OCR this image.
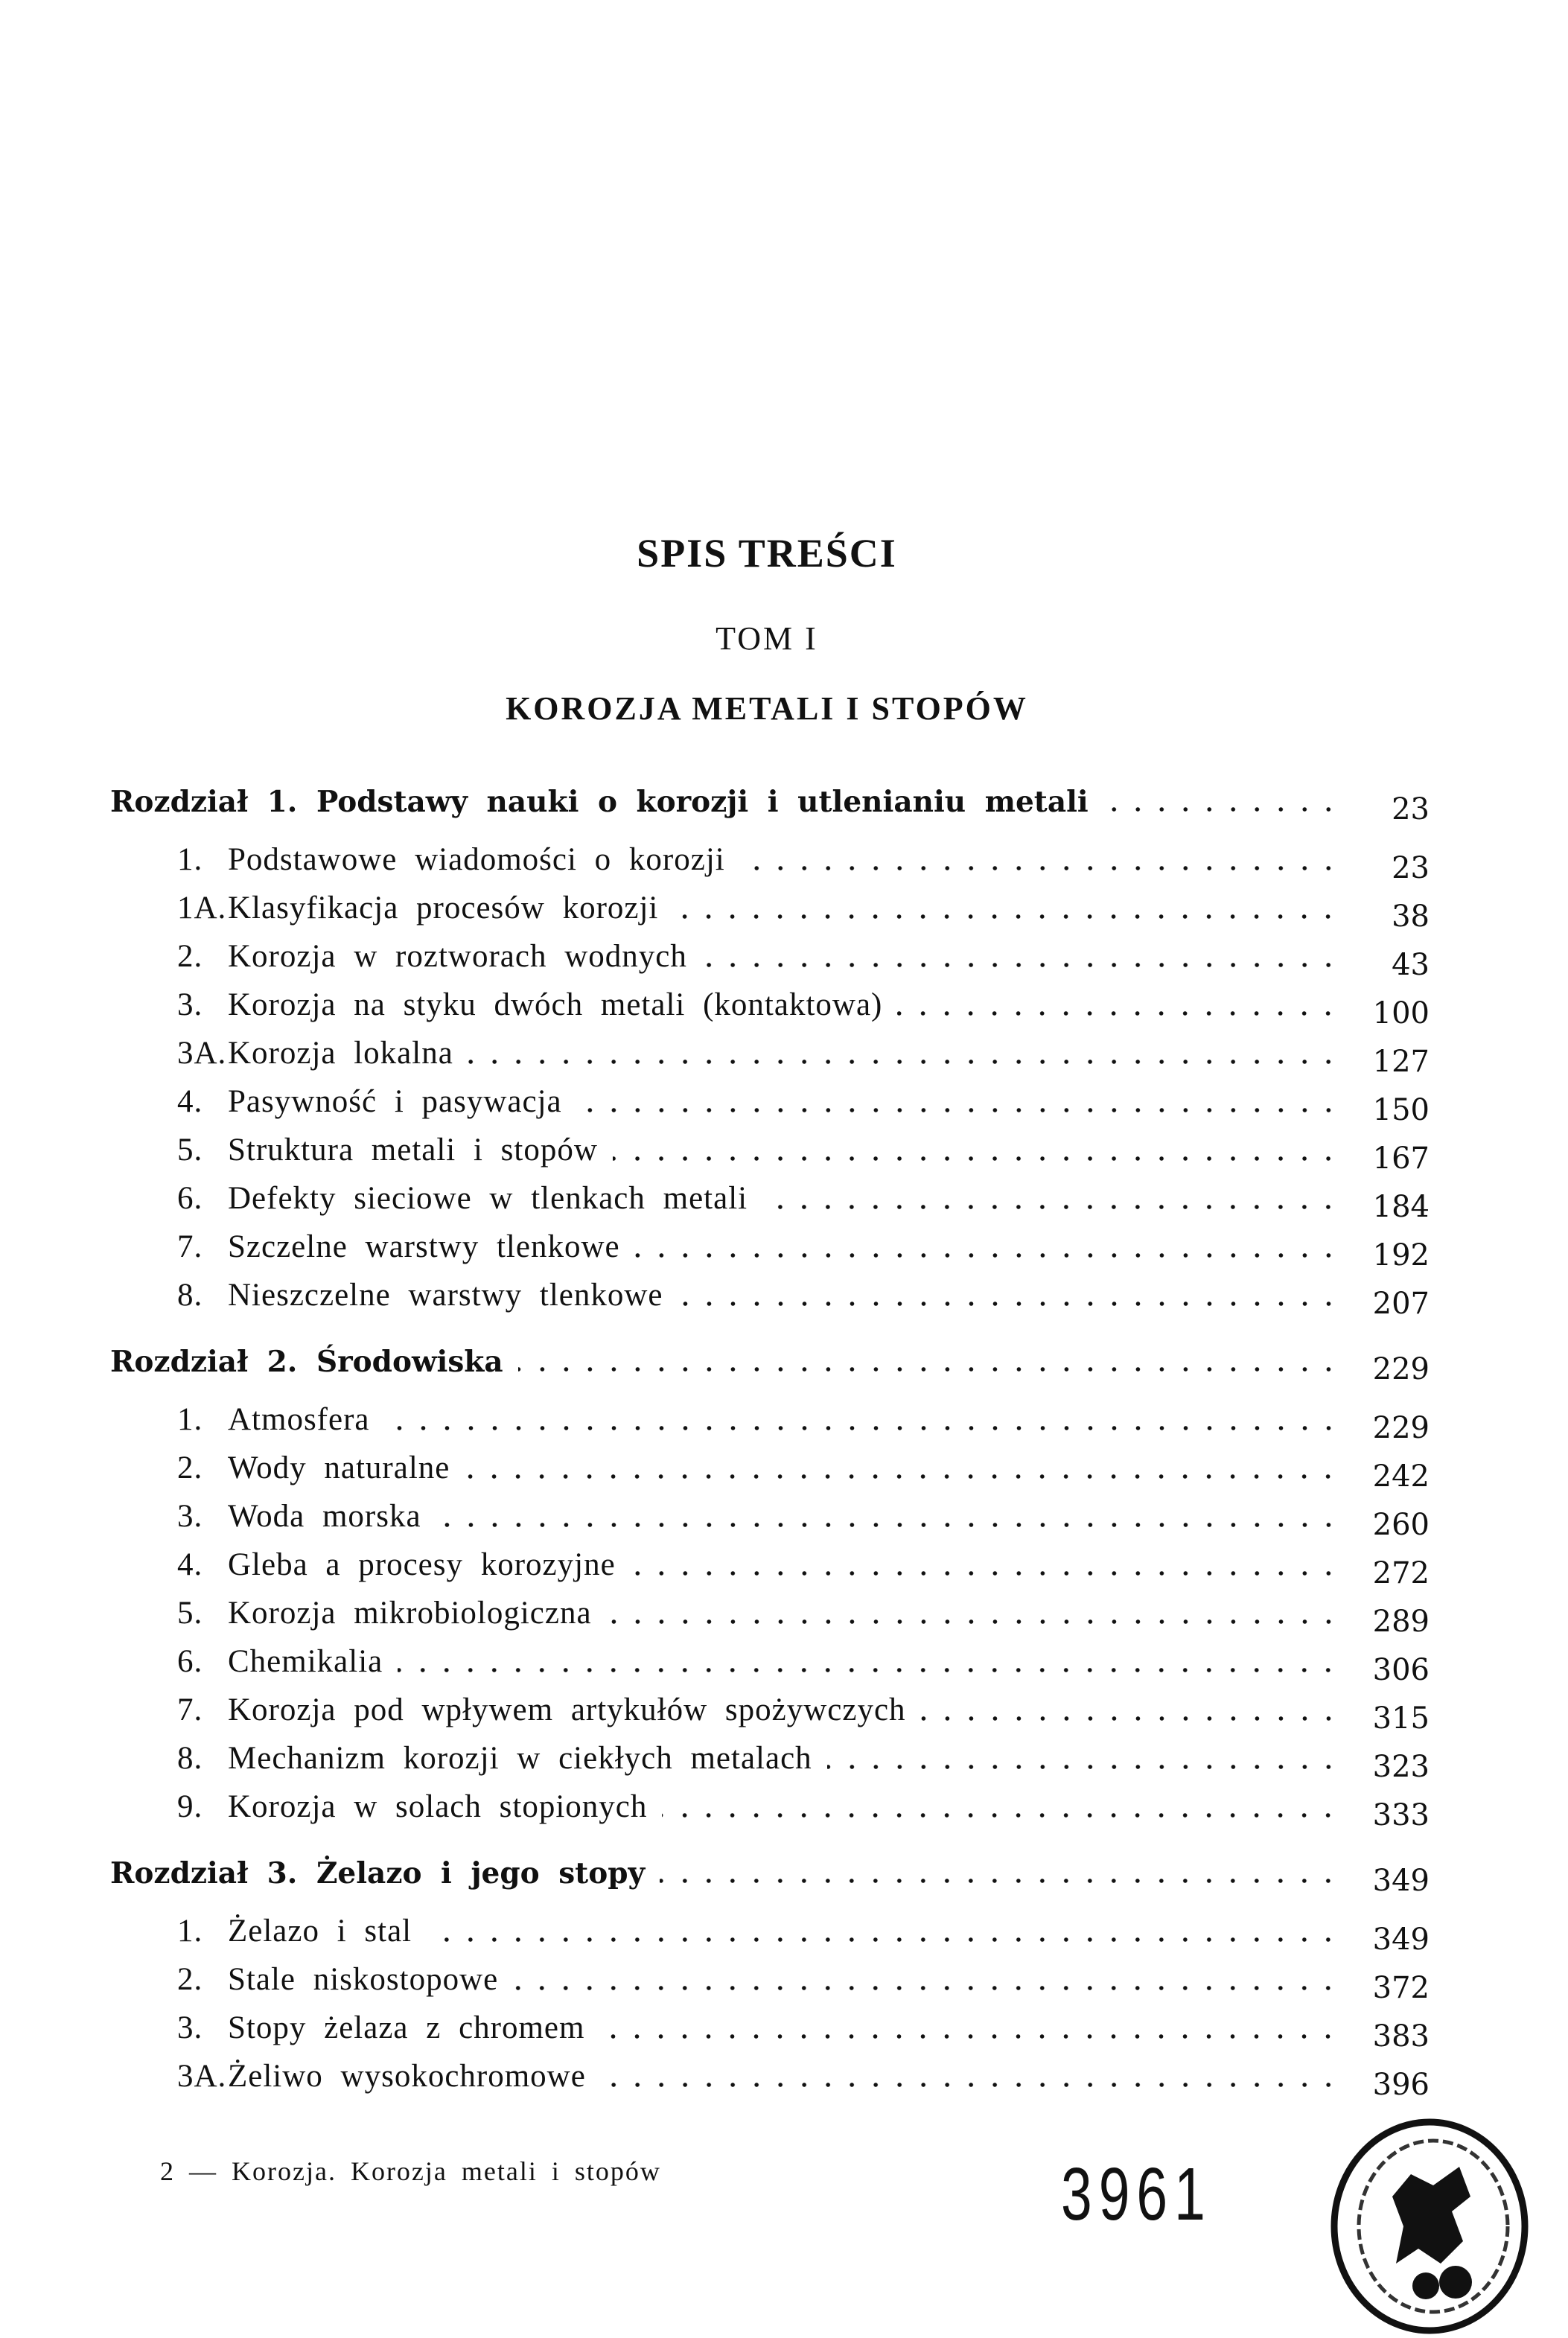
SPIS TREŚCI
TOM I
KOROZJA METALI I STOPÓW
Rozdział 1. Podstawy nauki o korozji i utlenianiu metali	23
1. Podstawowe wiadomości o korozji	23
1A. Klasyfikacja procesów korozji	38
2. Korozja w roztworach wodnych	43
3. Korozja na styku dwóch metali (kontaktowa)	100
3A. Korozja lokalna	127
4. Pasywność i pasywacja	150
5. Struktura metali i stopów	167
6. Defekty sieciowe w tlenkach metali	184
7. Szczelne warstwy tlenkowe	192
8. Nieszczelne warstwy tlenkowe	207
Rozdział 2. Środowiska	229
1. Atmosfera	229
2. Wody naturalne	242
3. Woda morska	260
4. Gleba a procesy korozyjne	272
5. Korozja mikrobiologiczna	289
6. Chemikalia	306
7. Korozja pod wpływem artykułów spożywczych	315
8. Mechanizm korozji w ciekłych metalach	323
9. Korozja w solach stopionych	333
Rozdział 3. Żelazo i jego stopy	349
1. Żelazo i stal	349
2. Stale niskostopowe	372
3. Stopy żelaza z chromem	383
3A. Żeliwo wysokochromowe	396
2 — Korozja. Korozja metali i stopów	3961
